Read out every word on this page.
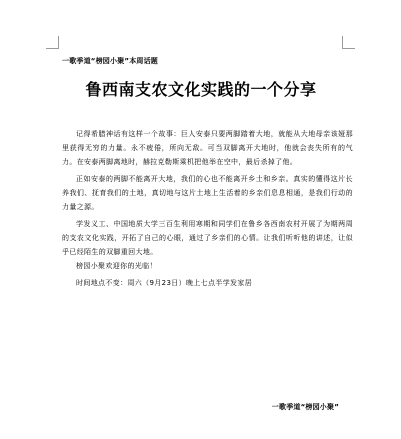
一歌季道“榜园小聚”本周话题
鲁西南支农文化实践的一个分享

记得希腊神话有这样一个故事：巨人安泰只要两脚踏着大地，就能从大地母亲该娅那里获得无穷的力量。永不疲倦，所向无敌。可当双脚离开大地时，他就会丧失所有的气力。在安泰两脚离地时，赫拉克勒斯乘机把他举在空中，最后杀掉了他。

正如安泰的两脚不能离开大地，我们的心也不能离开乡土和乡亲。真实的懂得这片长养我们、抚育我们的土地，真切地与这片土地上生活着的乡亲们息息相通，是我们行动的力量之源。

学发义工、中国地质大学三百生利用寒期和同学们在鲁乡各西南农村开展了为期两周的支农文化实践，开拓了自己的心眼，通过了乡亲们的心情。让我们听听他的讲述，让似乎已经陌生的双脚重回大地。

榜园小聚欢迎你的光临！
时间地点不变：周六（9月23日）晚上七点半学发家居
一歌季道“榜园小聚”
